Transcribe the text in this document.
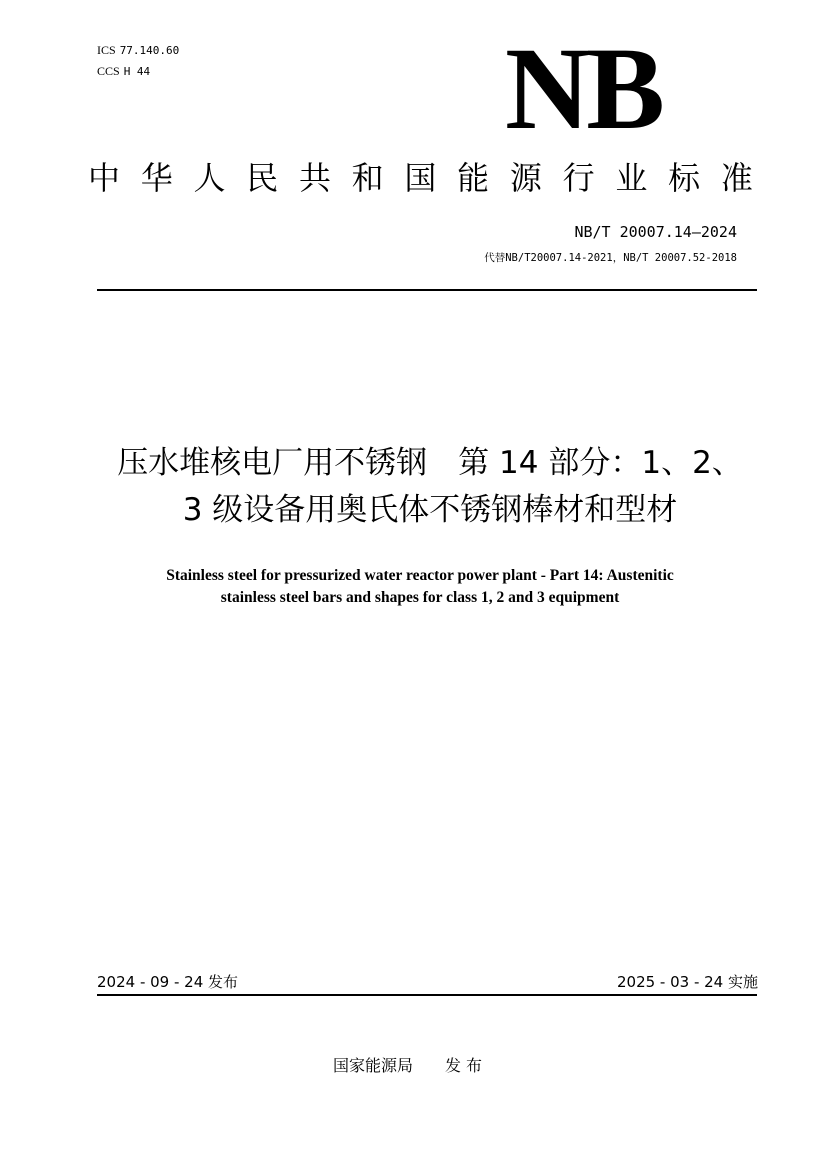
ICS 77.140.60
CCS H 44	NB
中 华 人 民 共 和 国 能 源 行 业 标 准
NB/T 20007.14—2024
代替NB/T20007.14-2021，NB/T 20007.52-2018
压水堆核电厂用不锈钢　第 14 部分：1、2、
3 级设备用奥氏体不锈钢棒材和型材
Stainless steel for pressurized water reactor power plant - Part 14: Austenitic
stainless steel bars and shapes for class 1, 2 and 3 equipment
2024 - 09 - 24 发布	2025 - 03 - 24 实施
国家能源局 发 布
